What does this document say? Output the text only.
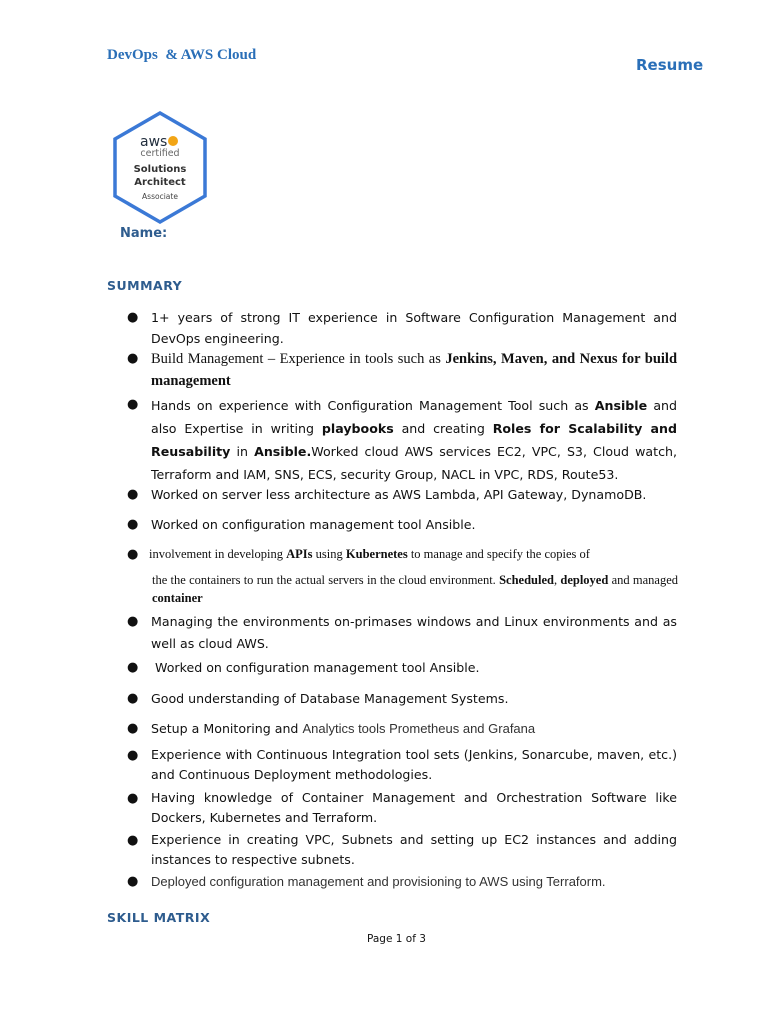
DevOps  & AWS Cloud
Resume
aws
certified
Solutions
Architect
Associate
Name:
SUMMARY
● 1+ years of strong IT experience in Software Configuration Management and DevOps engineering.
● Build Management – Experience in tools such as Jenkins, Maven, and Nexus for build management
● Hands on experience with Configuration Management Tool such as Ansible and also Expertise in writing playbooks and creating Roles for Scalability and Reusability in Ansible.Worked cloud AWS services EC2, VPC, S3, Cloud watch, Terraform and IAM, SNS, ECS, security Group, NACL in VPC, RDS, Route53.
● Worked on server less architecture as AWS Lambda, API Gateway, DynamoDB.
● Worked on configuration management tool Ansible.
● involvement in developing APIs using Kubernetes to manage and specify the copies of
the the containers to run the actual servers in the cloud environment. Scheduled, deployed and managed container
● Managing the environments on-primases windows and Linux environments and as well as cloud AWS.
● Worked on configuration management tool Ansible.
● Good understanding of Database Management Systems.
● Setup a Monitoring and Analytics tools Prometheus and Grafana
● Experience with Continuous Integration tool sets (Jenkins, Sonarcube, maven, etc.) and Continuous Deployment methodologies.
● Having knowledge of Container Management and Orchestration Software like Dockers, Kubernetes and Terraform.
● Experience in creating VPC, Subnets and setting up EC2 instances and adding instances to respective subnets.
● Deployed configuration management and provisioning to AWS using Terraform.
SKILL MATRIX
Page 1 of 3
